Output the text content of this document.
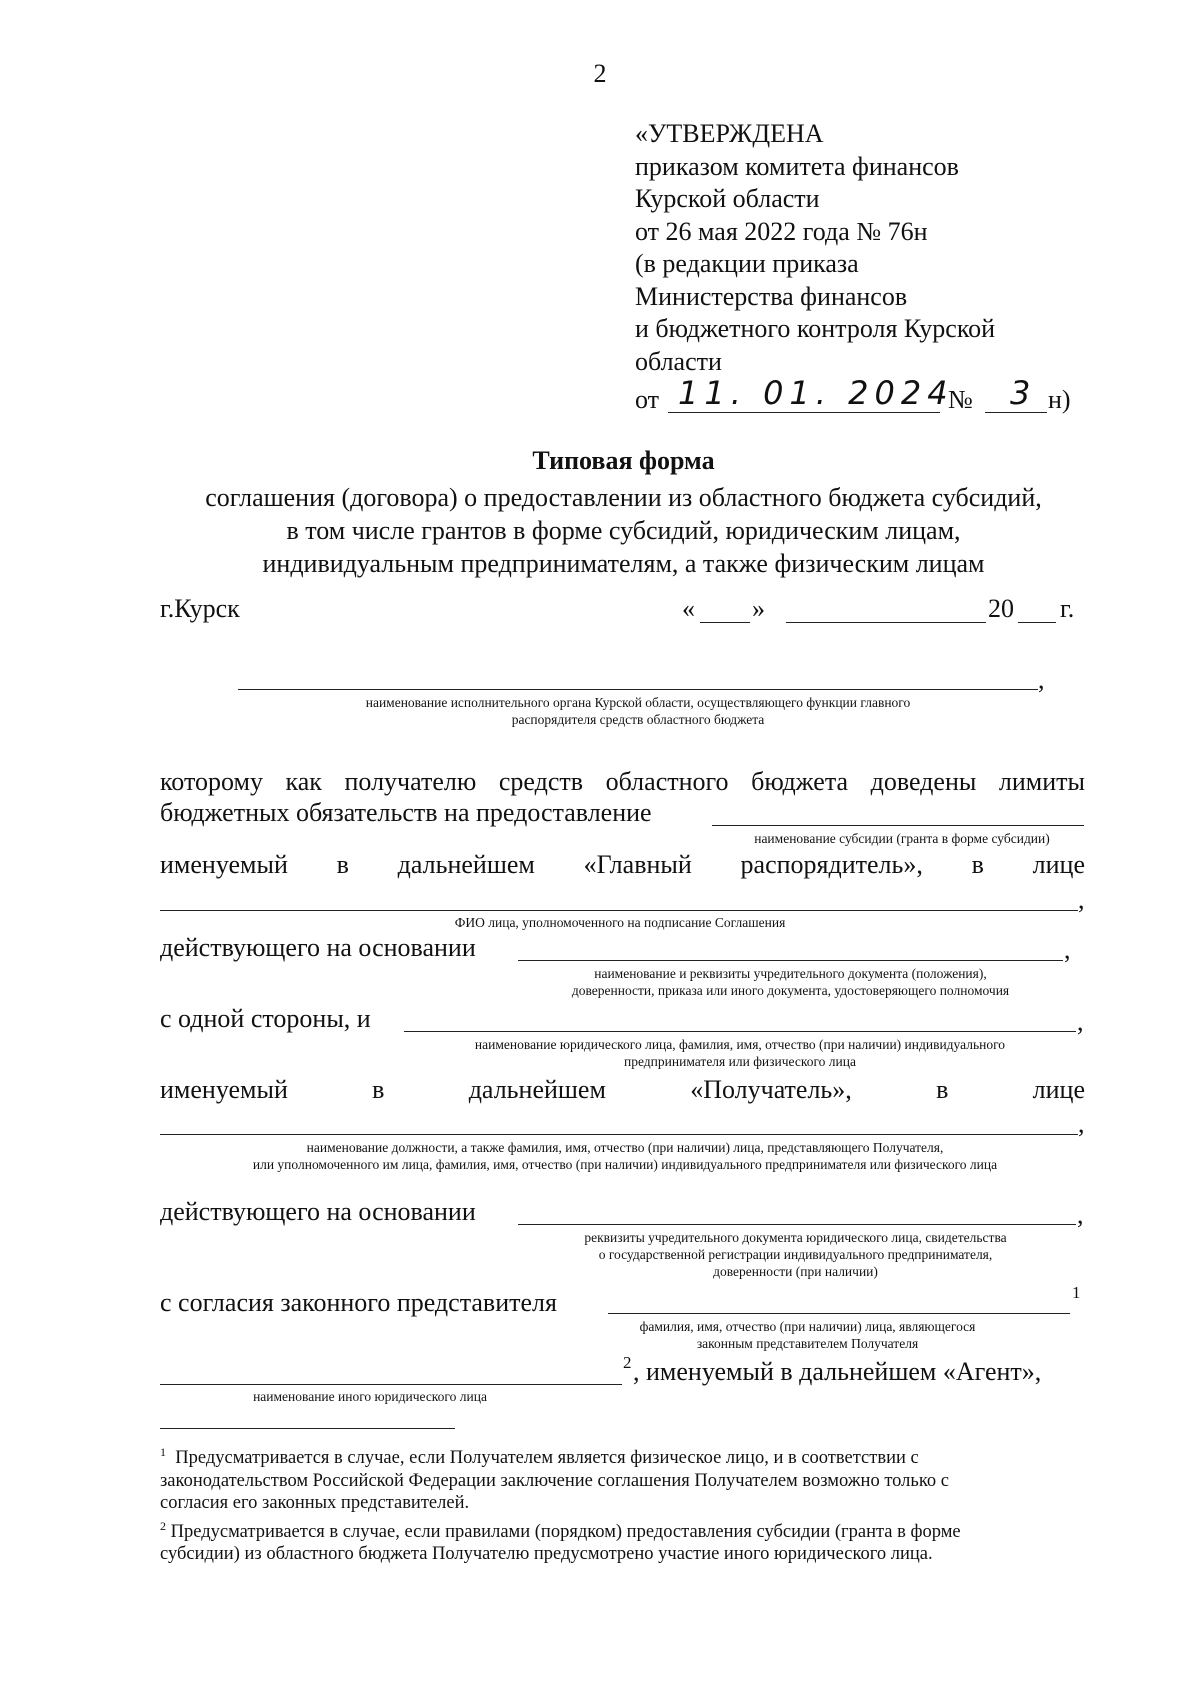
2
«УТВЕРЖДЕНА
приказом комитета финансов
Курской области
от 26 мая 2022 года № 76н
(в редакции приказа
Министерства финансов
и бюджетного контроля Курской
области
от 11. 01. 2024
№ 3 н)
Типовая форма
соглашения (договора) о предоставлении из областного бюджета субсидий,
в том числе грантов в форме субсидий, юридическим лицам,
индивидуальным предпринимателям, а также физическим лицам
г.Курск	« »	20 г.
,
наименование исполнительного органа Курской области, осуществляющего функции главного
распорядителя средств областного бюджета
которому как получателю средств областного бюджета доведены лимиты
бюджетных обязательств на предоставление
наименование субсидии (гранта в форме субсидии)
именуемый в дальнейшем «Главный распорядитель», в лице
,
ФИО лица, уполномоченного на подписание Соглашения
действующего на основании	,
наименование и реквизиты учредительного документа (положения),
доверенности, приказа или иного документа, удостоверяющего полномочия
с одной стороны, и	,
наименование юридического лица, фамилия, имя, отчество (при наличии) индивидуального
предпринимателя или физического лица
именуемый	в	дальнейшем	«Получатель»,	в	лице
,
наименование должности, а также фамилия, имя, отчество (при наличии) лица, представляющего Получателя,
или уполномоченного им лица, фамилия, имя, отчество (при наличии) индивидуального предпринимателя или физического лица
действующего на основании	,
реквизиты учредительного документа юридического лица, свидетельства
о государственной регистрации индивидуального предпринимателя,
доверенности (при наличии)
с согласия законного представителя	1
фамилия, имя, отчество (при наличии) лица, являющегося
законным представителем Получателя
2 , именуемый в дальнейшем «Агент»,
наименование иного юридического лица
$^1$ Предусматривается в случае, если Получателем является физическое лицо, и в соответствии с
законодательством Российской Федерации заключение соглашения Получателем возможно только с
согласия его законных представителей.
$^2$ Предусматривается в случае, если правилами (порядком) предоставления субсидии (гранта в форме
субсидии) из областного бюджета Получателю предусмотрено участие иного юридического лица.
